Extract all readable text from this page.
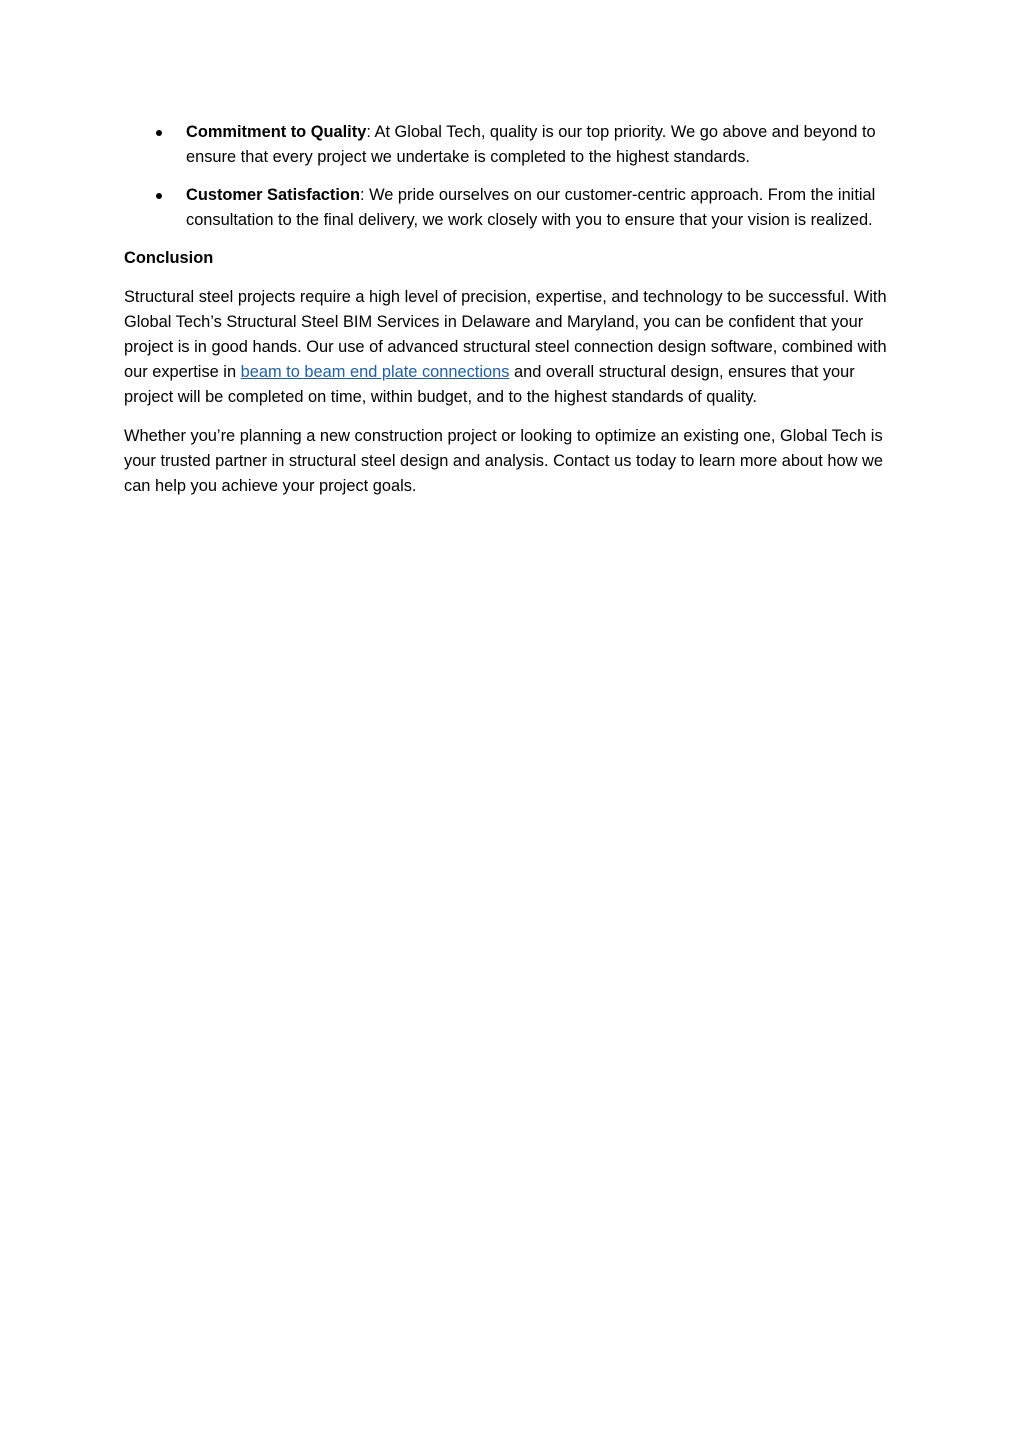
Commitment to Quality: At Global Tech, quality is our top priority. We go above and beyond to ensure that every project we undertake is completed to the highest standards.
Customer Satisfaction: We pride ourselves on our customer-centric approach. From the initial consultation to the final delivery, we work closely with you to ensure that your vision is realized.
Conclusion

Structural steel projects require a high level of precision, expertise, and technology to be successful. With Global Tech’s Structural Steel BIM Services in Delaware and Maryland, you can be confident that your project is in good hands. Our use of advanced structural steel connection design software, combined with our expertise in beam to beam end plate connections and overall structural design, ensures that your project will be completed on time, within budget, and to the highest standards of quality.

Whether you’re planning a new construction project or looking to optimize an existing one, Global Tech is your trusted partner in structural steel design and analysis. Contact us today to learn more about how we can help you achieve your project goals.
